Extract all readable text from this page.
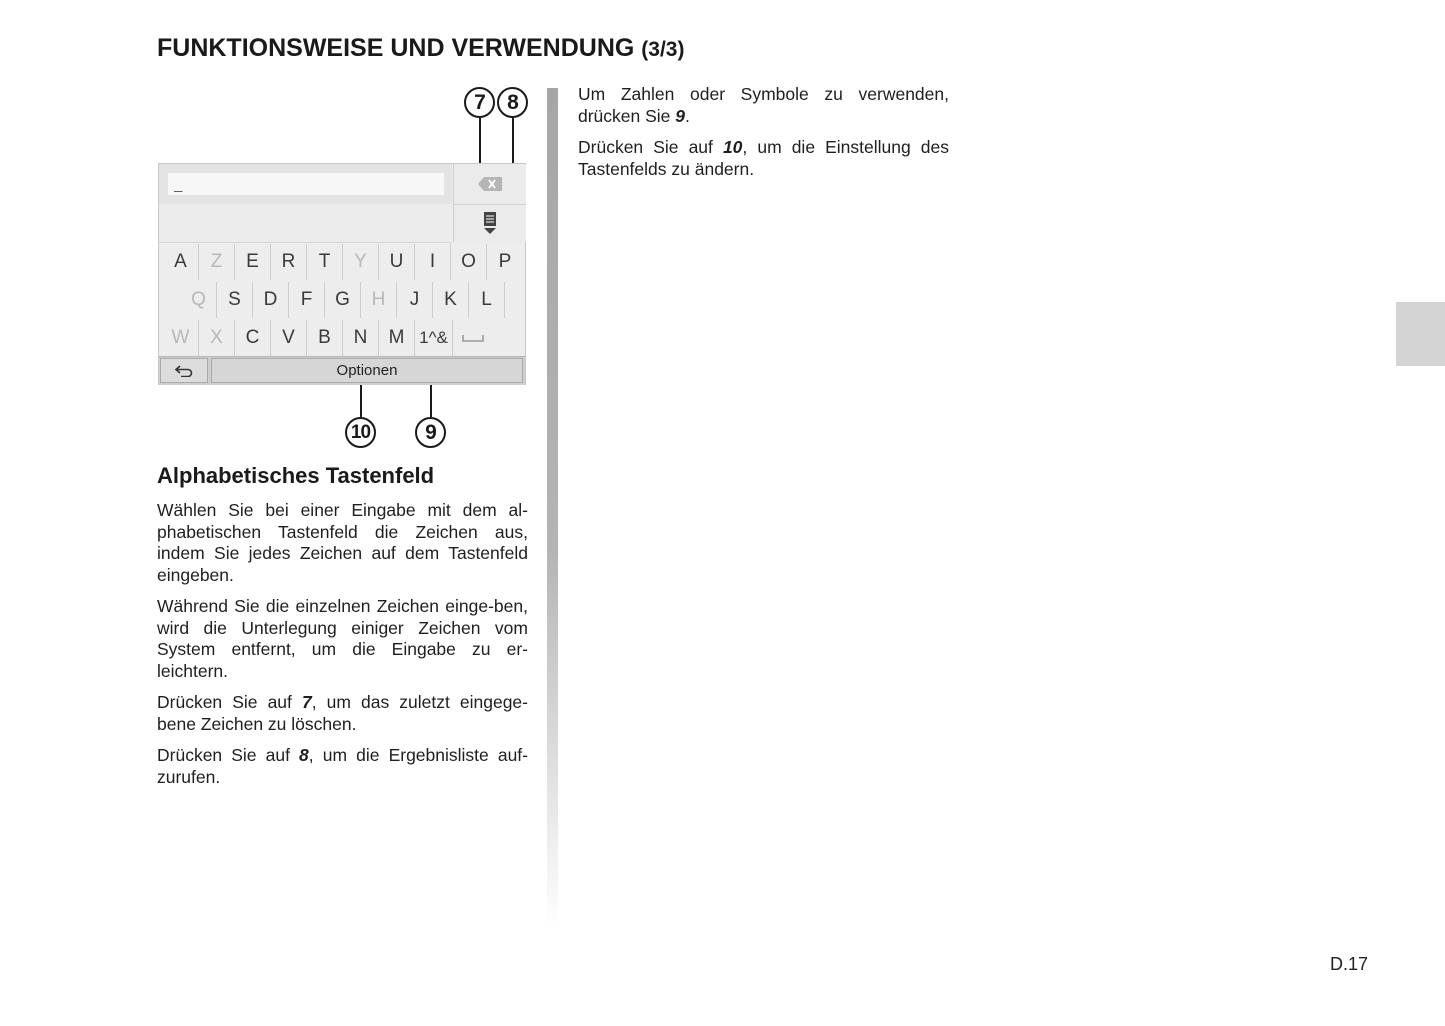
FUNKTIONSWEISE UND VERWENDUNG (3/3)
_
A	Z	E	R	T	Y	U	I	O	P
Q	S	D	F	G	H	J	K	L
W	X	C	V	B	N	M 1^&
Optionen
7	8
10	9
Alphabetisches Tastenfeld

Wählen Sie bei einer Eingabe mit dem al-phabetischen Tastenfeld die Zeichen aus, indem Sie jedes Zeichen auf dem Tastenfeld eingeben.

Während Sie die einzelnen Zeichen einge-ben, wird die Unterlegung einiger Zeichen vom System entfernt, um die Eingabe zu er-leichtern.

Drücken Sie auf 7, um das zuletzt eingege-bene Zeichen zu löschen.

Drücken Sie auf 8, um die Ergebnisliste auf-zurufen.

Um Zahlen oder Symbole zu verwenden, drücken Sie 9.

Drücken Sie auf 10, um die Einstellung des Tastenfelds zu ändern.

D.17
